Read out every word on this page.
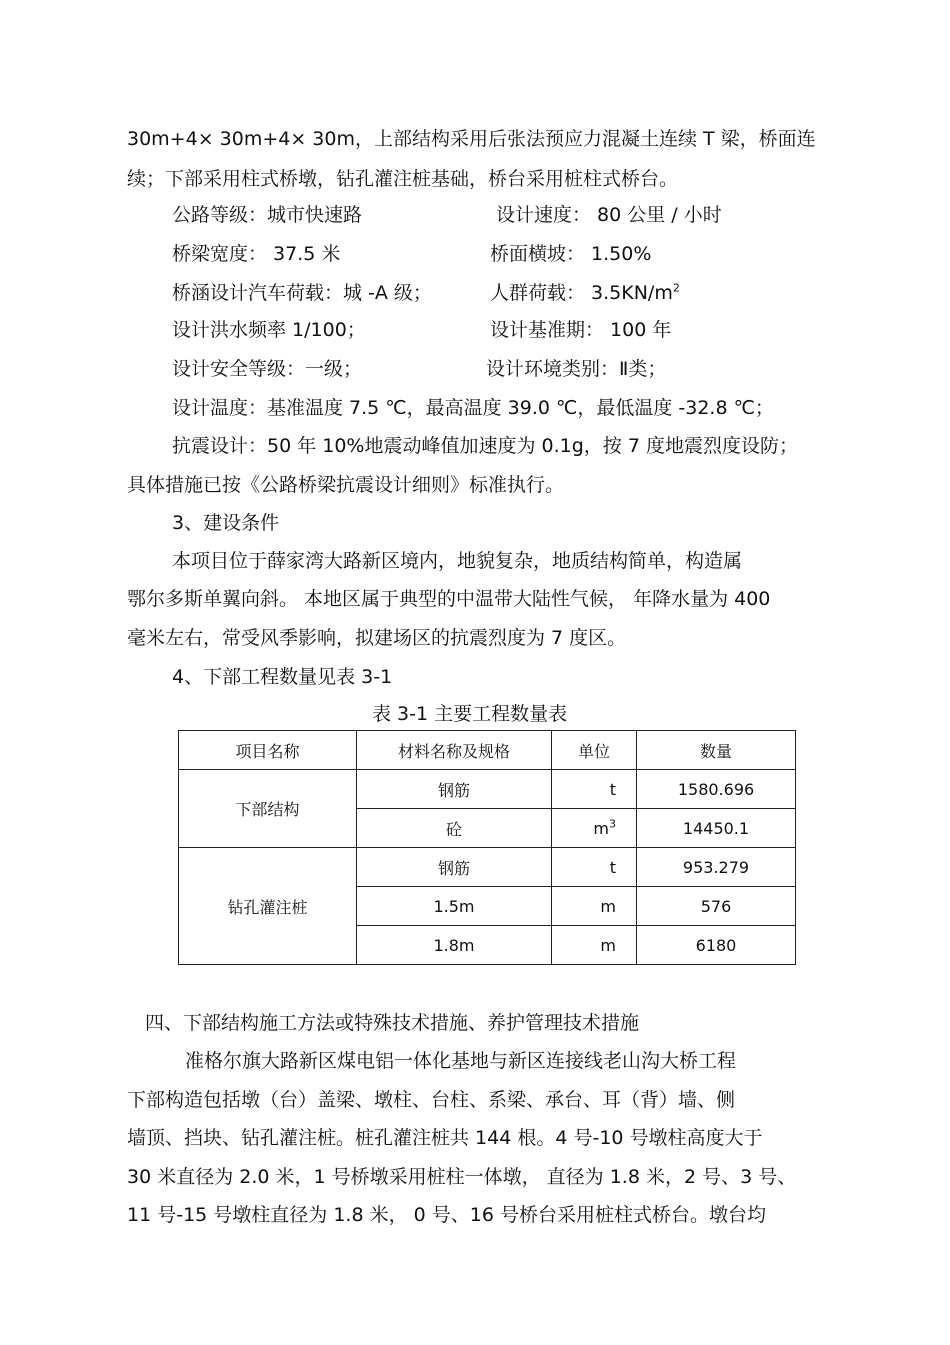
30m+4× 30m+4× 30m，上部结构采用后张法预应力混凝土连续 T 梁，桥面连
续；下部采用柱式桥墩，钻孔灌注桩基础，桥台采用桩柱式桥台。
公路等级：城市快速路	设计速度： 80 公里 / 小时
桥梁宽度： 37.5 米	桥面横坡： 1.50%
桥涵设计汽车荷载：城 -A 级；	人群荷载： $3.5KN/m^2$
设计洪水频率 1/100；	设计基准期： 100 年
设计安全等级：一级；	设计环境类别：Ⅱ类；
设计温度：基准温度 7.5 ℃，最高温度 39.0 ℃，最低温度 -32.8 ℃；
抗震设计：50 年 10%地震动峰值加速度为 0.1g，按 7 度地震烈度设防；
具体措施已按《公路桥梁抗震设计细则》标准执行。
3、建设条件
本项目位于薛家湾大路新区境内，地貌复杂，地质结构简单，构造属
鄂尔多斯单翼向斜。 本地区属于典型的中温带大陆性气候， 年降水量为 400
毫米左右，常受风季影响，拟建场区的抗震烈度为 7 度区。
4、下部工程数量见表 3-1
表 3-1 主要工程数量表
项目名称	材料名称及规格	单位	数量
下部结构	钢筋	t	1580.696
	砼	$m^3$	14450.1
钻孔灌注桩	钢筋	t	953.279
	1.5m	m	576
	1.8m	m	6180
四、下部结构施工方法或特殊技术措施、养护管理技术措施
准格尔旗大路新区煤电铝一体化基地与新区连接线老山沟大桥工程
下部构造包括墩（台）盖梁、墩柱、台柱、系梁、承台、耳（背）墙、侧
墙顶、挡块、钻孔灌注桩。桩孔灌注桩共 144 根。4 号-10 号墩柱高度大于
30 米直径为 2.0 米，1 号桥墩采用桩柱一体墩， 直径为 1.8 米，2 号、3 号、
11 号-15 号墩柱直径为 1.8 米， 0 号、16 号桥台采用桩柱式桥台。墩台均
